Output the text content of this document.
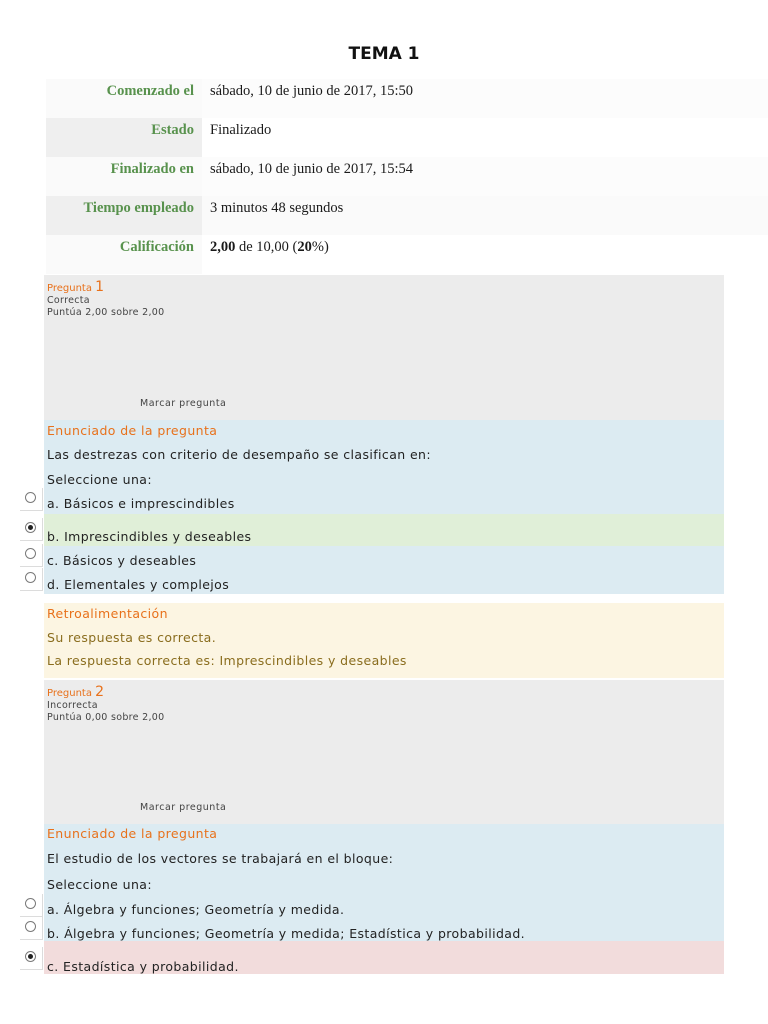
TEMA 1
Comenzado el	sábado, 10 de junio de 2017, 15:50
Estado	Finalizado
Finalizado en	sábado, 10 de junio de 2017, 15:54
Tiempo empleado	3 minutos 48 segundos
Calificación	2,00 de 10,00 (20%)
Pregunta 1
Correcta
Puntúa 2,00 sobre 2,00
Marcar pregunta
Enunciado de la pregunta
Las destrezas con criterio de desempaño se clasifican en:
Seleccione una:
a. Básicos e imprescindibles
b. Imprescindibles y deseables
c. Básicos y deseables
d. Elementales y complejos
Retroalimentación
Su respuesta es correcta.
La respuesta correcta es: Imprescindibles y deseables
Pregunta 2
Incorrecta
Puntúa 0,00 sobre 2,00
Marcar pregunta
Enunciado de la pregunta
El estudio de los vectores se trabajará en el bloque:
Seleccione una:
a. Álgebra y funciones; Geometría y medida.
b. Álgebra y funciones; Geometría y medida; Estadística y probabilidad.
c. Estadística y probabilidad.
